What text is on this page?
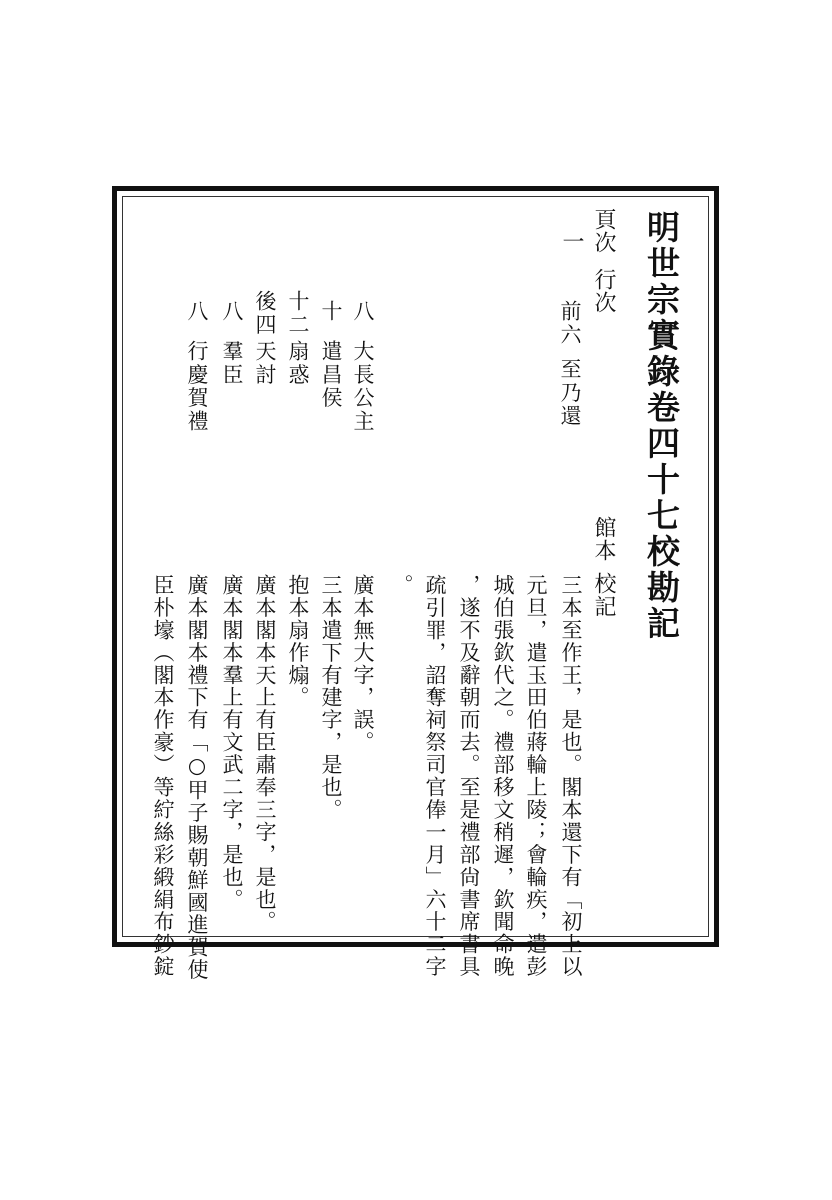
明世宗實錄卷四十七校勘記
頁次
行次
館本
校記
一
前六
至乃還
八
大長公主
十
遣昌侯
十二
扇惑
後四
天討
八
羣臣
八
行慶賀禮
三本至作王，是也。閣本還下有「初上以
元旦，遣玉田伯蔣輪上陵；會輪疾，遣彭
城伯張欽代之。禮部移文稍遲，欽聞命晚
，遂不及辭朝而去。至是禮部尙書席書具
疏引罪，詔奪祠祭司官俸一月」六十二字
。
廣本無大字，誤。
三本遣下有建字，是也。
抱本扇作煽。
廣本閣本天上有臣肅奉三字，是也。
廣本閣本羣上有文武二字，是也。
廣本閣本禮下有「○甲子賜朝鮮國進賀使
臣朴壕（閣本作豪）等紵絲彩緞絹布鈔錠
